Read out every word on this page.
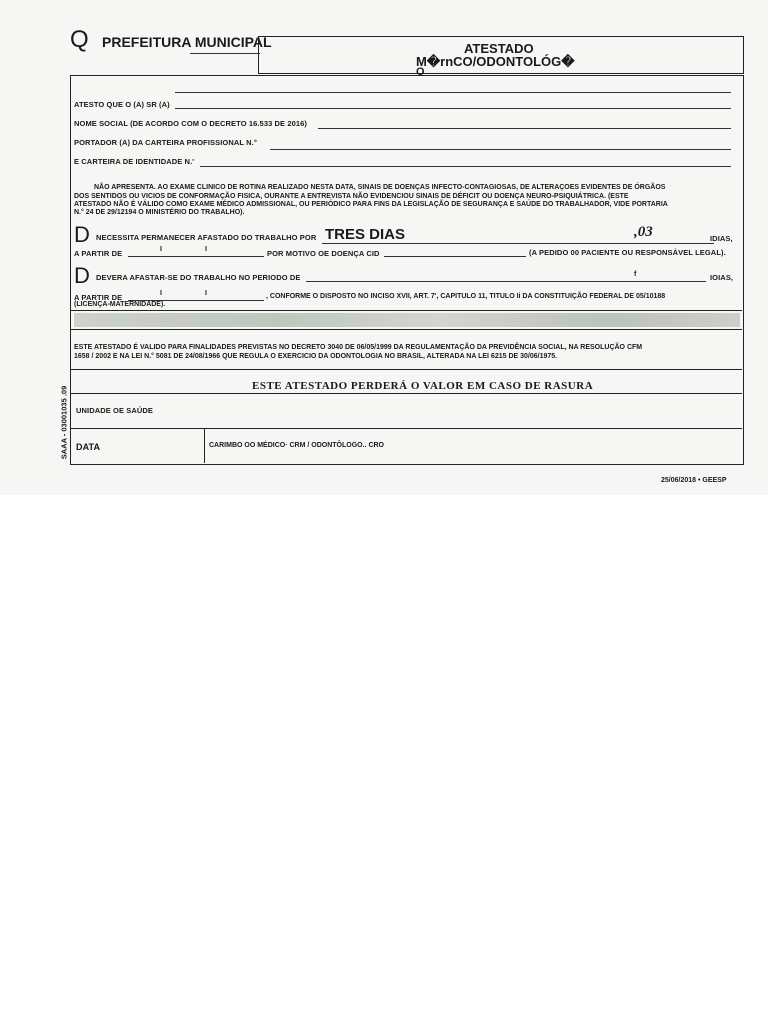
Q PREFEITURA MUNICIPAL	ATESTADO
M�rnCO/ODONTOLÓG�
O
ATESTO QUE O (A) SR (A)
NOME SOCIAL (DE ACORDO COM O DECRETO 16.533 DE 2016)
PORTADOR (A) DA CARTEIRA PROFISSIONAL N.°
E CARTEIRA DE IDENTIDADE N.'
NÃO APRESENTA. AO EXAME CLINICO DE ROTINA REALIZADO NESTA DATA, SINAIS DE DOENÇAS INFECTO-CONTAGIOSAS, DE ALTERAÇOES EVIDENTES DE ÓRGÃOS
DOS SENTIDOS OU VICIOS DE CONFORMAÇÃO FISICA, OURANTE A ENTREVISTA NÃO EVIDENCIOU SINAIS DE DÉFICIT OU DOENÇA NEURO-PSIQUIÁTRICA. (ESTE
ATESTADO NÃO É VÁLIDO COMO EXAME MÉDICO ADMISSIONAL, OU PERIÓDICO PARA FINS DA LEGISLAÇÃO DE SEGURANÇA E SAÚDE DO TRABALHADOR, VIDE PORTARIA
N.° 24 DE 29/12194 O MINISTÉRIO DO TRABALHO).
D NECESSITA PERMANECER AFASTADO DO TRABALHO POR TRES DIAS	,03	IDIAS,
A PARTIR DE	I	I	POR MOTIVO OE DOENÇA CID	(A PEDIDO 00 PACIENTE OU RESPONSÁVEL LEGAL).
D DEVERA AFASTAR-SE DO TRABALHO NO PERIODO DE	f	IOIAS,
A PARTIR DE	I	I	, CONFORME O DISPOSTO NO INCISO XVII, ART. 7', CAPITULO 11, TITULO Ii DA CONSTITUIÇÃO FEDERAL DE 05/10188
(LICENÇA-MATERNIDADE).
ESTE ATESTADO É VALIDO PARA FINALIDADES PREVISTAS NO DECRETO 3040 DE 06/05/1999 DA REGULAMENTAÇÃO DA PREVIDÊNCIA SOCIAL, NA RESOLUÇÃO CFM
1658 / 2002 E NA LEI N.° 5081 DE 24/08/1966 QUE REGULA O EXERCICIO DA ODONTOLOGIA NO BRASIL, ALTERADA NA LEI 6215 DE 30/06/1975.
ESTE ATESTADO PERDERÁ O VALOR EM CASO DE RASURA
UNIDADE OE SAÚDE
DATA	CARIMBO OO MÉDICO· CRM / ODONTÔLOGO.. CRO
SAAA - 03001035 .09
25/06/2018 • GEESP
